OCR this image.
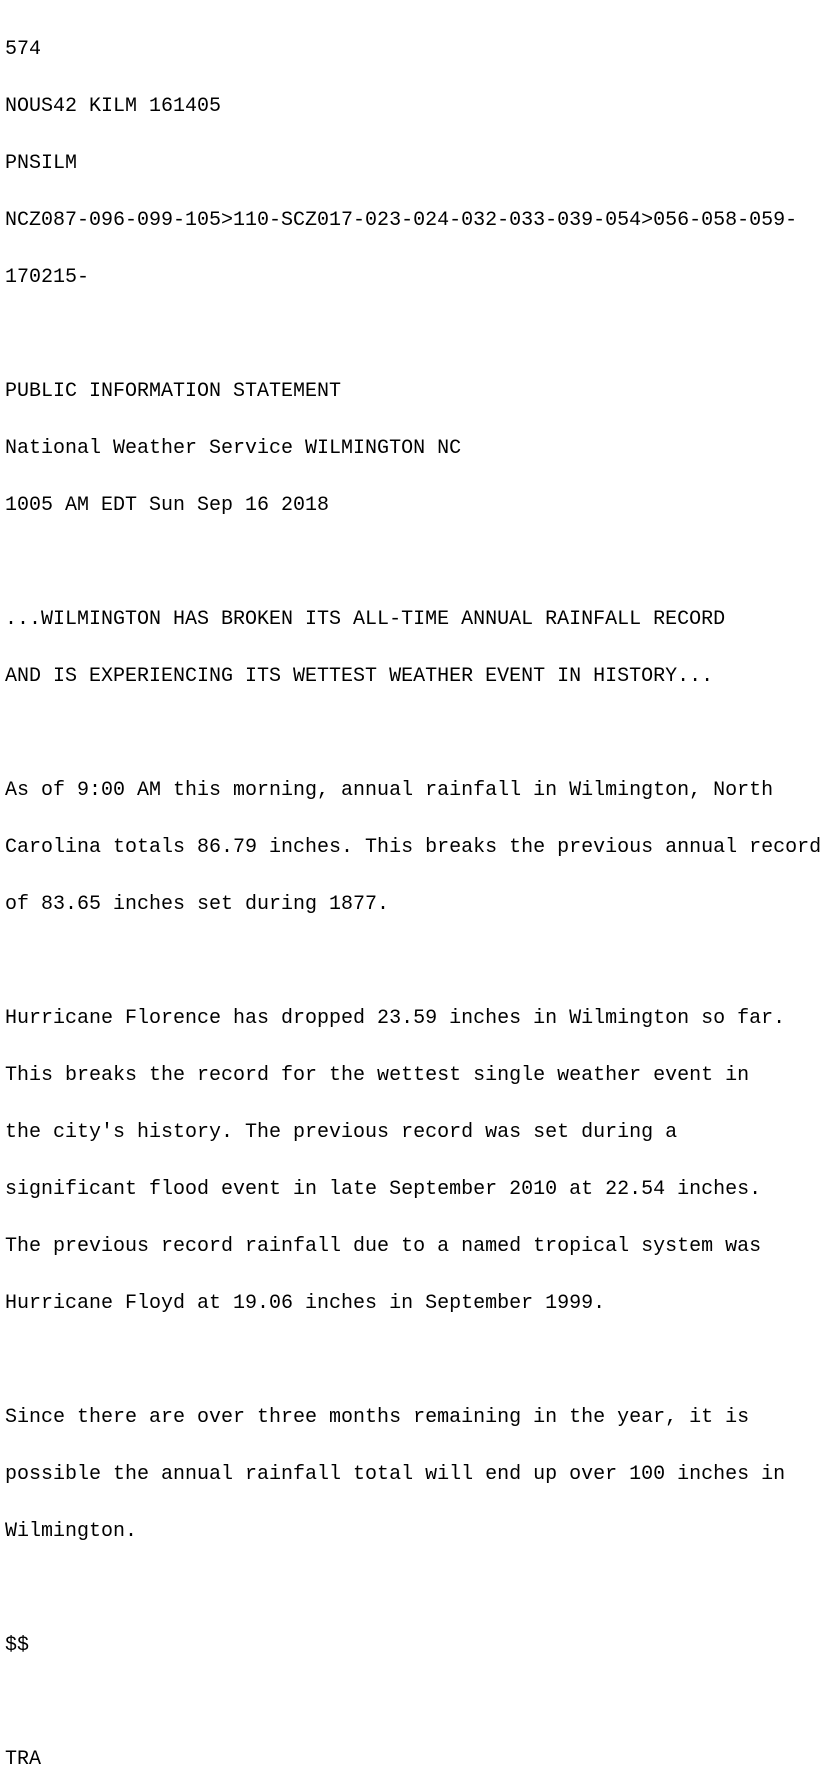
574

NOUS42 KILM 161405

PNSILM

NCZ087-096-099-105>110-SCZ017-023-024-032-033-039-054>056-058-059-

170215-

PUBLIC INFORMATION STATEMENT

National Weather Service WILMINGTON NC

1005 AM EDT Sun Sep 16 2018

...WILMINGTON HAS BROKEN ITS ALL-TIME ANNUAL RAINFALL RECORD

AND IS EXPERIENCING ITS WETTEST WEATHER EVENT IN HISTORY...

As of 9:00 AM this morning, annual rainfall in Wilmington, North

Carolina totals 86.79 inches. This breaks the previous annual record

of 83.65 inches set during 1877.

Hurricane Florence has dropped 23.59 inches in Wilmington so far.

This breaks the record for the wettest single weather event in

the city's history. The previous record was set during a

significant flood event in late September 2010 at 22.54 inches.

The previous record rainfall due to a named tropical system was

Hurricane Floyd at 19.06 inches in September 1999.

Since there are over three months remaining in the year, it is

possible the annual rainfall total will end up over 100 inches in

Wilmington.

$$

TRA
